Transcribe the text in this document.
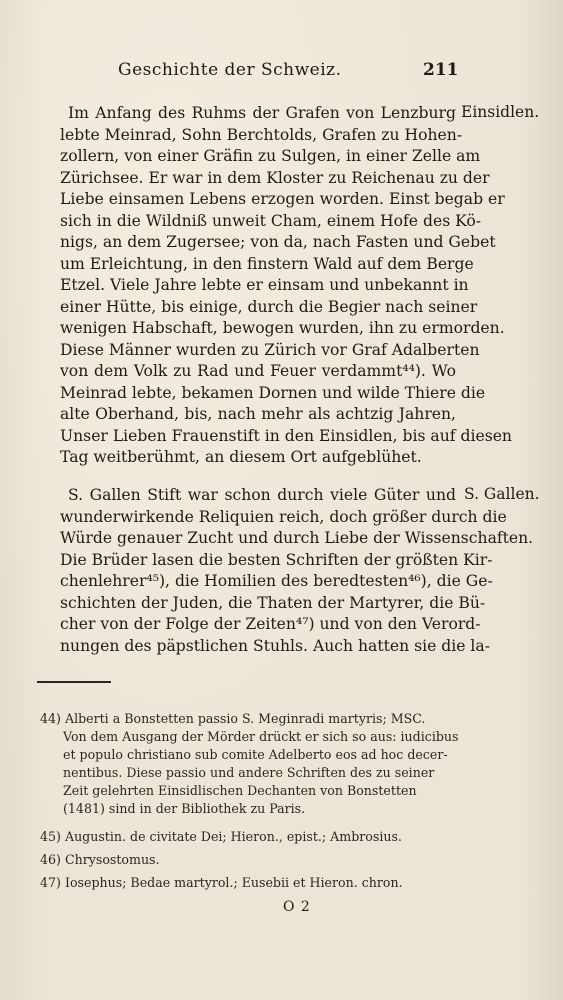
Geschichte der Schweiz.	211
Im Anfang des Ruhms der Grafen von Lenzburg
lebte Meinrad, Sohn Berchtolds, Grafen zu Hohen-
zollern, von einer Gräfin zu Sulgen, in einer Zelle am
Zürichsee. Er war in dem Kloster zu Reichenau zu der
Liebe einsamen Lebens erzogen worden. Einst begab er
sich in die Wildniß unweit Cham, einem Hofe des Kö-
nigs, an dem Zugersee; von da, nach Fasten und Gebet
um Erleichtung, in den finstern Wald auf dem Berge
Etzel. Viele Jahre lebte er einsam und unbekannt in
einer Hütte, bis einige, durch die Begier nach seiner
wenigen Habschaft, bewogen wurden, ihn zu ermorden.
Diese Männer wurden zu Zürich vor Graf Adalberten
von dem Volk zu Rad und Feuer verdammt⁴⁴). Wo
Meinrad lebte, bekamen Dornen und wilde Thiere die
alte Oberhand, bis, nach mehr als achtzig Jahren,
Unser Lieben Frauenstift in den Einsidlen, bis auf diesen
Tag weitberühmt, an diesem Ort aufgeblühet.
Einsidlen.
S. Gallen Stift war schon durch viele Güter und
wunderwirkende Reliquien reich, doch größer durch die
Würde genauer Zucht und durch Liebe der Wissenschaften.
Die Brüder lasen die besten Schriften der größten Kir-
chenlehrer⁴⁵), die Homilien des beredtesten⁴⁶), die Ge-
schichten der Juden, die Thaten der Martyrer, die Bü-
cher von der Folge der Zeiten⁴⁷) und von den Verord-
nungen des päpstlichen Stuhls. Auch hatten sie die la-
S. Gallen.
44) Alberti a Bonstetten passio S. Meginradi martyris; MSC.
Von dem Ausgang der Mörder drückt er sich so aus: iudicibus
et populo christiano sub comite Adelberto eos ad hoc decer-
nentibus. Diese passio und andere Schriften des zu seiner
Zeit gelehrten Einsidlischen Dechanten von Bonstetten
(1481) sind in der Bibliothek zu Paris.
45) Augustin. de civitate Dei; Hieron., epist.; Ambrosius.
46) Chrysostomus.
47) Iosephus; Bedae martyrol.; Eusebii et Hieron. chron.
O 2
